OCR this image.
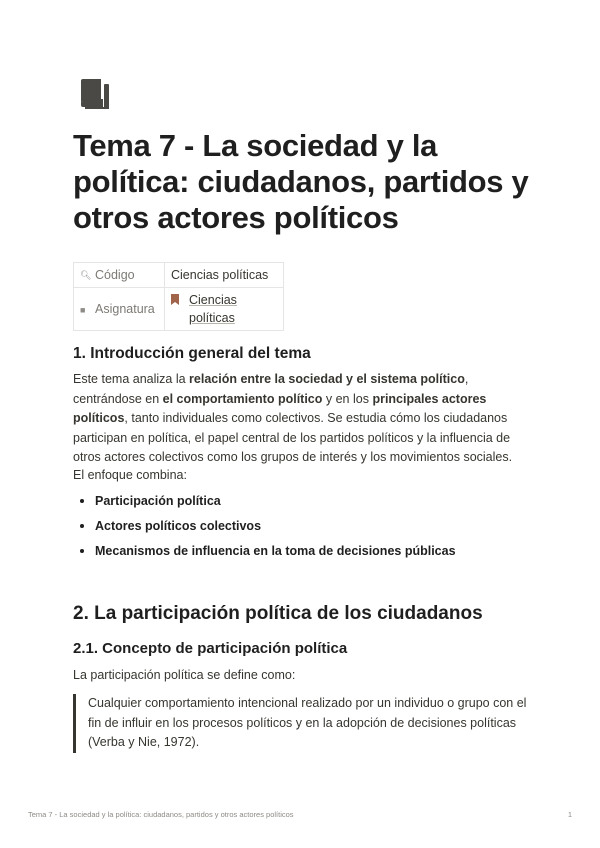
Tema 7 - La sociedad y la política: ciudadanos, partidos y otros actores políticos
🔍︎ Código	Ciencias políticas
■ Asignatura	Ciencias políticas
1. Introducción general del tema

Este tema analiza la relación entre la sociedad y el sistema político, centrándose en el comportamiento político y en los principales actores políticos, tanto individuales como colectivos. Se estudia cómo los ciudadanos participan en política, el papel central de los partidos políticos y la influencia de otros actores colectivos como los grupos de interés y los movimientos sociales.

El enfoque combina:

Participación política
Actores políticos colectivos
Mecanismos de influencia en la toma de decisiones públicas
2. La participación política de los ciudadanos
2.1. Concepto de participación política

La participación política se define como:

Cualquier comportamiento intencional realizado por un individuo o grupo con el fin de influir en los procesos políticos y en la adopción de decisiones políticas (Verba y Nie, 1972).
Tema 7 - La sociedad y la política: ciudadanos, partidos y otros actores políticos	1
